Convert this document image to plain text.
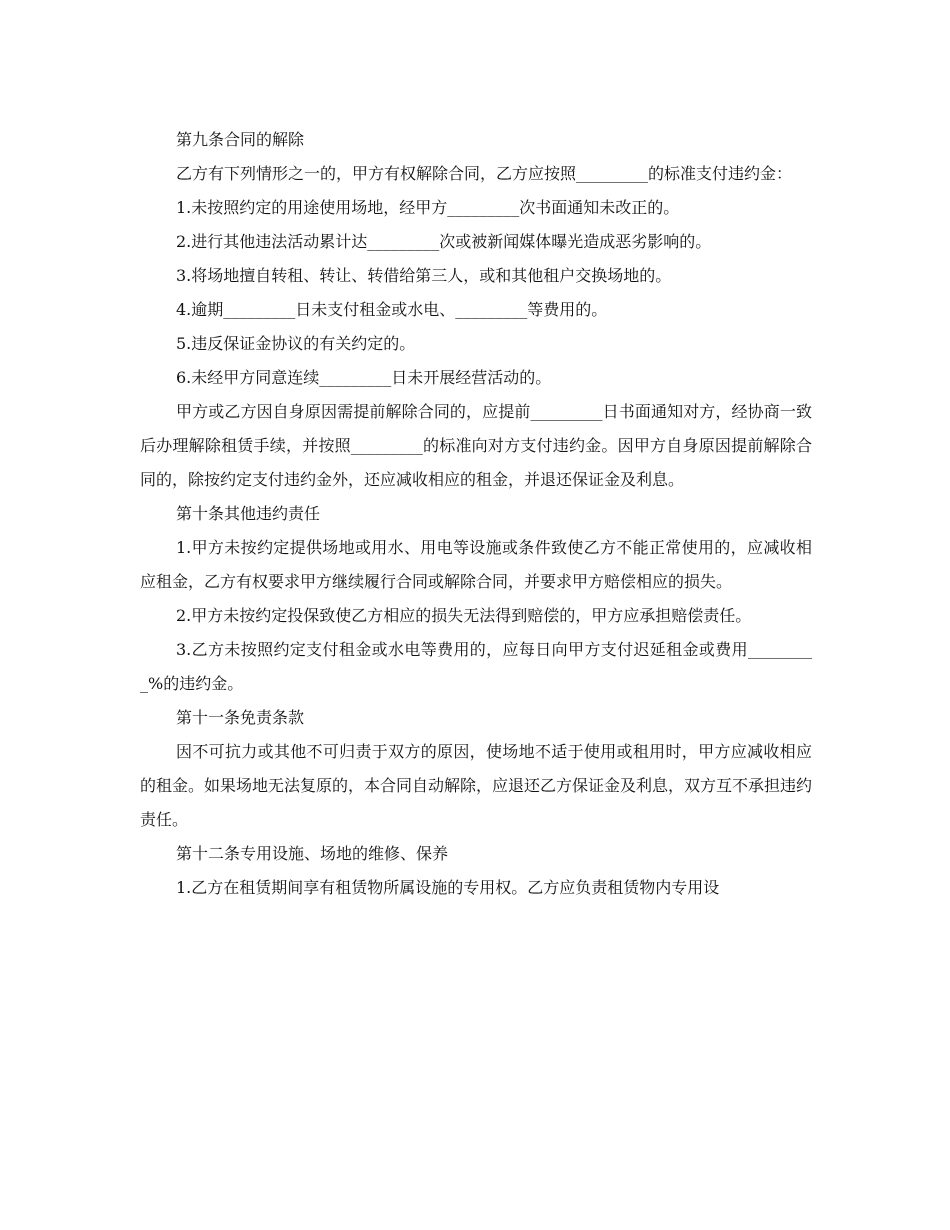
第九条合同的解除

乙方有下列情形之一的，甲方有权解除合同，乙方应按照_________的标准支付违约金：

1.未按照约定的用途使用场地，经甲方_________次书面通知未改正的。

2.进行其他违法活动累计达_________次或被新闻媒体曝光造成恶劣影响的。

3.将场地擅自转租、转让、转借给第三人，或和其他租户交换场地的。

4.逾期_________日未支付租金或水电、_________等费用的。

5.违反保证金协议的有关约定的。

6.未经甲方同意连续_________日未开展经营活动的。

甲方或乙方因自身原因需提前解除合同的，应提前_________日书面通知对方，经协商一致后办理解除租赁手续，并按照_________的标准向对方支付违约金。因甲方自身原因提前解除合同的，除按约定支付违约金外，还应减收相应的租金，并退还保证金及利息。

第十条其他违约责任

1.甲方未按约定提供场地或用水、用电等设施或条件致使乙方不能正常使用的，应减收相应租金，乙方有权要求甲方继续履行合同或解除合同，并要求甲方赔偿相应的损失。

2.甲方未按约定投保致使乙方相应的损失无法得到赔偿的，甲方应承担赔偿责任。

3.乙方未按照约定支付租金或水电等费用的，应每日向甲方支付迟延租金或费用_________%的违约金。

第十一条免责条款

因不可抗力或其他不可归责于双方的原因，使场地不适于使用或租用时，甲方应减收相应的租金。如果场地无法复原的，本合同自动解除，应退还乙方保证金及利息，双方互不承担违约责任。

第十二条专用设施、场地的维修、保养

1.乙方在租赁期间享有租赁物所属设施的专用权。乙方应负责租赁物内专用设
